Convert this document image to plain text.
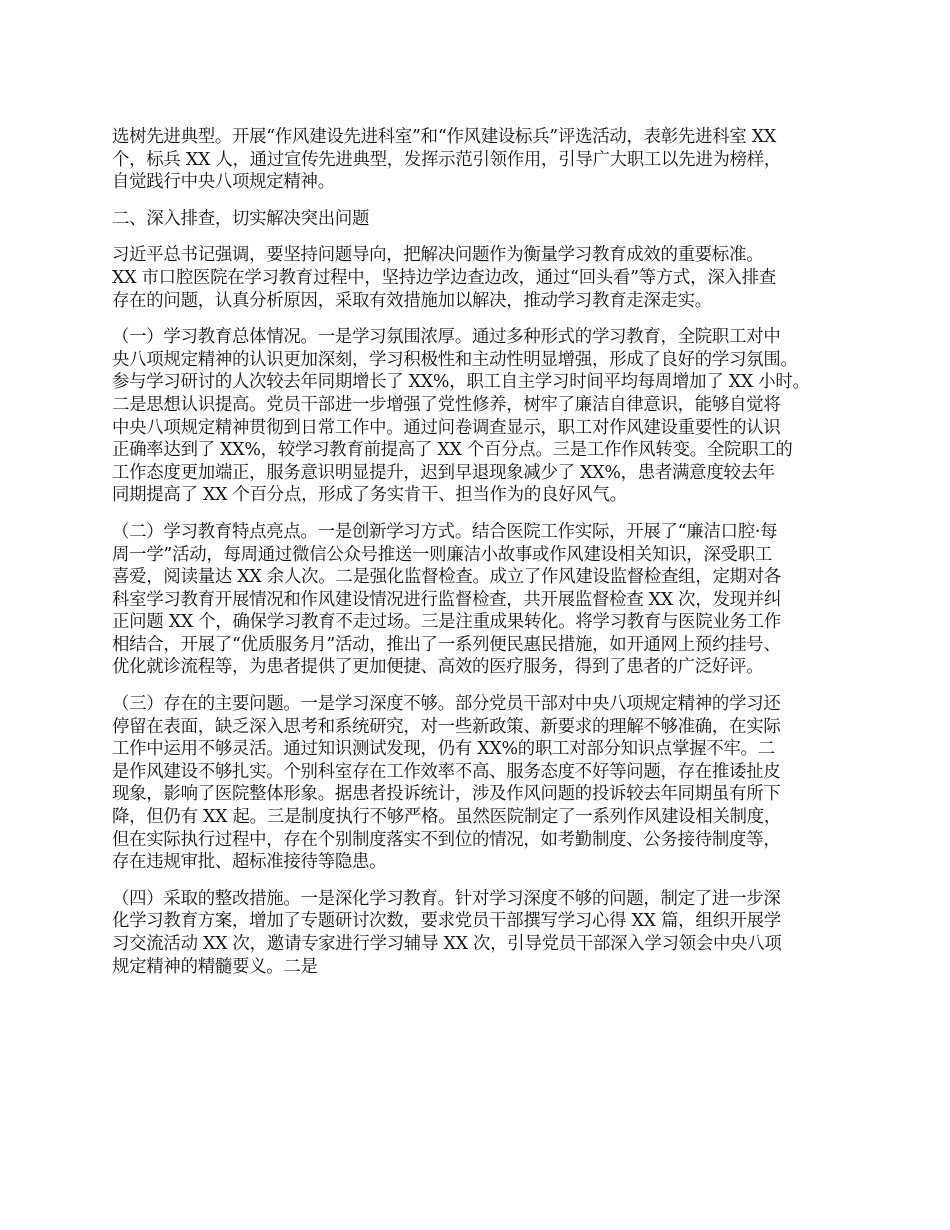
选树先进典型。开展“作风建设先进科室”和“作风建设标兵”评选活动，表彰先进科室 XX
个，标兵 XX 人，通过宣传先进典型，发挥示范引领作用，引导广大职工以先进为榜样，
自觉践行中央八项规定精神。

二、深入排查，切实解决突出问题

习近平总书记强调，要坚持问题导向，把解决问题作为衡量学习教育成效的重要标准。
XX 市口腔医院在学习教育过程中，坚持边学边查边改，通过“回头看”等方式，深入排查
存在的问题，认真分析原因，采取有效措施加以解决，推动学习教育走深走实。

（一）学习教育总体情况。一是学习氛围浓厚。通过多种形式的学习教育，全院职工对中
央八项规定精神的认识更加深刻，学习积极性和主动性明显增强，形成了良好的学习氛围。
参与学习研讨的人次较去年同期增长了 XX%，职工自主学习时间平均每周增加了 XX 小时。
二是思想认识提高。党员干部进一步增强了党性修养，树牢了廉洁自律意识，能够自觉将
中央八项规定精神贯彻到日常工作中。通过问卷调查显示，职工对作风建设重要性的认识
正确率达到了 XX%，较学习教育前提高了 XX 个百分点。三是工作作风转变。全院职工的
工作态度更加端正，服务意识明显提升，迟到早退现象减少了 XX%，患者满意度较去年
同期提高了 XX 个百分点，形成了务实肯干、担当作为的良好风气。

（二）学习教育特点亮点。一是创新学习方式。结合医院工作实际，开展了“廉洁口腔·每
周一学”活动，每周通过微信公众号推送一则廉洁小故事或作风建设相关知识，深受职工
喜爱，阅读量达 XX 余人次。二是强化监督检查。成立了作风建设监督检查组，定期对各
科室学习教育开展情况和作风建设情况进行监督检查，共开展监督检查 XX 次，发现并纠
正问题 XX 个，确保学习教育不走过场。三是注重成果转化。将学习教育与医院业务工作
相结合，开展了“优质服务月”活动，推出了一系列便民惠民措施，如开通网上预约挂号、
优化就诊流程等，为患者提供了更加便捷、高效的医疗服务，得到了患者的广泛好评。

（三）存在的主要问题。一是学习深度不够。部分党员干部对中央八项规定精神的学习还
停留在表面，缺乏深入思考和系统研究，对一些新政策、新要求的理解不够准确，在实际
工作中运用不够灵活。通过知识测试发现，仍有 XX%的职工对部分知识点掌握不牢。二
是作风建设不够扎实。个别科室存在工作效率不高、服务态度不好等问题，存在推诿扯皮
现象，影响了医院整体形象。据患者投诉统计，涉及作风问题的投诉较去年同期虽有所下
降，但仍有 XX 起。三是制度执行不够严格。虽然医院制定了一系列作风建设相关制度，
但在实际执行过程中，存在个别制度落实不到位的情况，如考勤制度、公务接待制度等，
存在违规审批、超标准接待等隐患。

（四）采取的整改措施。一是深化学习教育。针对学习深度不够的问题，制定了进一步深
化学习教育方案，增加了专题研讨次数，要求党员干部撰写学习心得 XX 篇，组织开展学
习交流活动 XX 次，邀请专家进行学习辅导 XX 次，引导党员干部深入学习领会中央八项
规定精神的精髓要义。二是
